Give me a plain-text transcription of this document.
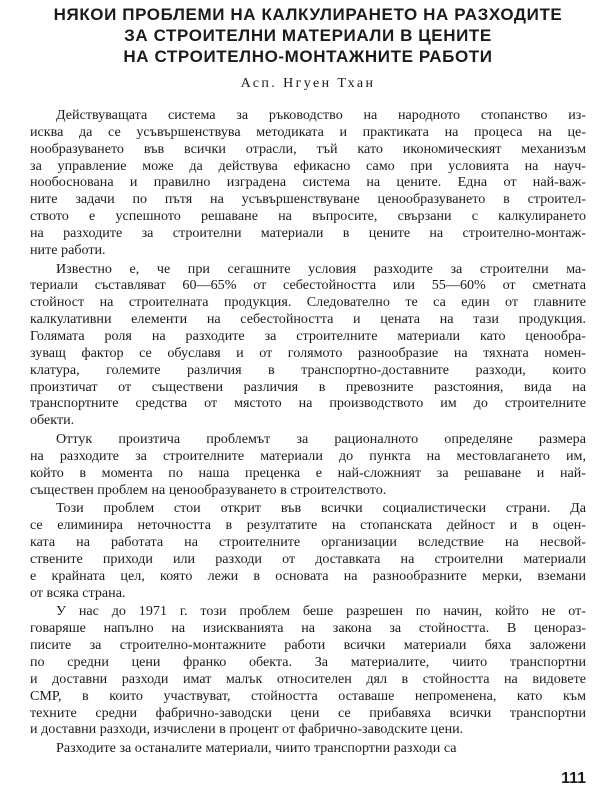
НЯКОИ ПРОБЛЕМИ НА КАЛКУЛИРАНЕТО НА РАЗХОДИТЕ
ЗА СТРОИТЕЛНИ МАТЕРИАЛИ В ЦЕНИТЕ
НА СТРОИТЕЛНО-МОНТАЖНИТЕ РАБОТИ
Асп. Нгуен Тхан

Действуващата система за ръководство на народното стопанство из-
исква да се усъвършенствува методиката и практиката на процеса на це-
нообразуването във всички отрасли, тъй като икономическият механизъм
за управление може да действува ефикасно само при условията на науч-
нообоснована и правилно изградена система на цените. Една от най-важ-
ните задачи по пътя на усъвършенствуване ценообразуването в строител-
ството е успешното решаване на въпросите, свързани с калкулирането
на разходите за строителни материали в цените на строително-монтаж-
ните работи.

Известно е, че при сегашните условия разходите за строителни ма-
териали съставляват 60—65% от себестойността или 55—60% от сметната
стойност на строителната продукция. Следователно те са един от главните
калкулативни елементи на себестойността и цената на тази продукция.
Голямата роля на разходите за строителните материали като ценообра-
зуващ фактор се обуславя и от голямото разнообразие на тяхната номен-
клатура, големите различия в транспортно-доставните разходи, които
произтичат от съществени различия в превозните разстояния, вида на
транспортните средства от мястото на производството им до строителните
обекти.

Оттук произтича проблемът за рационалното определяне размера
на разходите за строителните материали до пункта на местовлагането им,
който в момента по наша преценка е най-сложният за решаване и най-
съществен проблем на ценообразуването в строителството.

Този проблем стои открит във всички социалистически страни. Да
се елиминира неточността в резултатите на стопанската дейност и в оцен-
ката на работата на строителните организации вследствие на несвой-
ствените приходи или разходи от доставката на строителни материали
е крайната цел, която лежи в основата на разнообразните мерки, вземани
от всяка страна.

У нас до 1971 г. този проблем беше разрешен по начин, който не от-
говаряше напълно на изискванията на закона за стойността. В ценораз-
писите за строително-монтажните работи всички материали бяха заложени
по средни цени франко обекта. За материалите, чиито транспортни
и доставни разходи имат малък относителен дял в стойността на видовете
СМР, в които участвуват, стойността оставаше непроменена, като към
техните средни фабрично-заводски цени се прибавяха всички транспортни
и доставни разходи, изчислени в процент от фабрично-заводските цени.

Разходите за останалите материали, чиито транспортни разходи са

111
